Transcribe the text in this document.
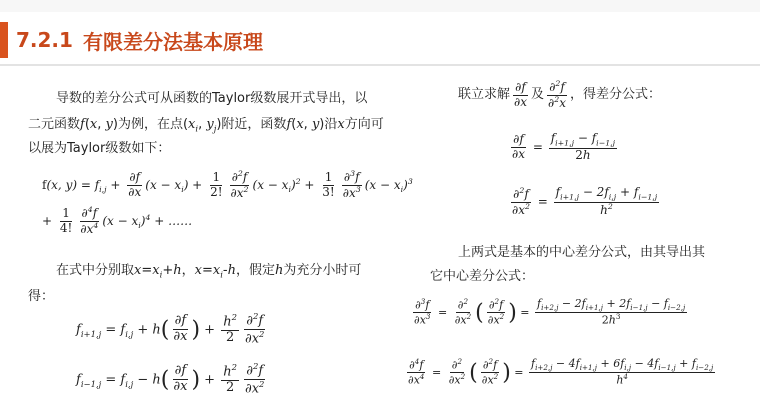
7.2.1 有限差分法基本原理
导数的差分公式可从函数的Taylor级数展开式导出，以
二元函数f(x, y)为例，在点($x_i$, $y_j$)附近，函数f(x, y)沿x方向可
以展为Taylor级数如下：
f(x, $y) = f_{i,j} + \frac{\partial f}{\partial x} (x - x_i) + \frac{1}{2!} \frac{\partial^2f}{\partial x^2} (x - x_i)^2 + \frac{1}{3!} \frac{\partial^3f}{\partial x^3} (x - x_i)^3$
+ $\frac{1}{4!} \frac{\partial^4f}{\partial x^4} (x - x_i)^4$ + ……
在式中分别取$x=x_i+h$，$x=x_i-h$，假定h为充分小时可
得：
$f_{i+1,j} = f_{i,j} + h( \frac{\partial f}{\partial x}$ ) + $\frac{h^2}{2} \frac{\partial^2f}{\partial x^2}$
$f_{i-1,j} = f_{i,j} - h( \frac{\partial f}{\partial x}$ ) + $\frac{h^2}{2} \frac{\partial^2f}{\partial x^2}$
联立求解 $\frac{\partial f}{\partial x}$ 及 $\frac{\partial^2f}{\partial^2x}$ ，得差分公式：
$\frac{\partial f}{\partial x} = \frac{f_{i+1,j} - f_{i-1,j}}{2h}$
$\frac{\partial^2f}{\partial x^2} = \frac{f_{i+1,j} - 2f_{i,j} + f_{i-1,j}}{h^2}$
上两式是基本的中心差分公式，由其导出其
它中心差分公式：
$\frac{\partial^3f}{\partial x^3} = \frac{\partial^2}{\partial x^2}$ ( $\frac{\partial^2f}{\partial x^2}$ ) = $\frac{f_{i+2,j} - 2f_{i+1,j} + 2f_{i-1,j} - f_{i-2,j}}{2h^3}$
$\frac{\partial^4f}{\partial x^4} = \frac{\partial^2}{\partial x^2}$ ( $\frac{\partial^2f}{\partial x^2}$ ) = $\frac{f_{i+2,j} - 4f_{i+1,j} + 6f_{i,j} - 4f_{i-1,j} + f_{i-2,j}}{h^4}$
